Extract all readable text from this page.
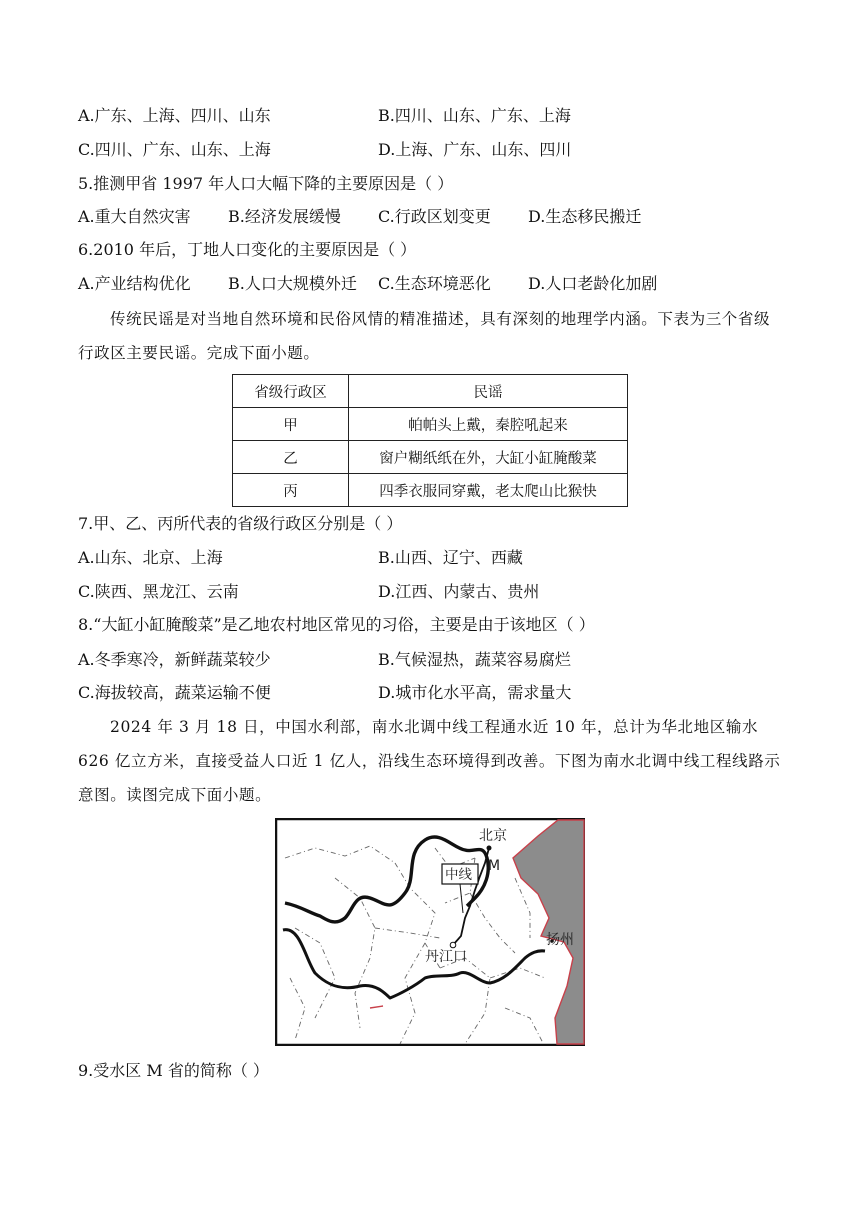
A.广东、上海、四川、山东	B.四川、山东、广东、上海
C.四川、广东、山东、上海	D.上海、广东、山东、四川
5.推测甲省 1997 年人口大幅下降的主要原因是（ ）
A.重大自然灾害 B.经济发展缓慢 C.行政区划变更 D.生态移民搬迁
6.2010 年后，丁地人口变化的主要原因是（ ）
A.产业结构优化 B.人口大规模外迁 C.生态环境恶化 D.人口老龄化加剧
传统民谣是对当地自然环境和民俗风情的精准描述，具有深刻的地理学内涵。下表为三个省级行政区主要民谣。完成下面小题。
省级行政区	民谣
甲	帕帕头上戴，秦腔吼起来
乙	窗户糊纸纸在外，大缸小缸腌酸菜
丙	四季衣服同穿戴，老太爬山比猴快
7.甲、乙、丙所代表的省级行政区分别是（ ）
A.山东、北京、上海	B.山西、辽宁、西藏
C.陕西、黑龙江、云南	D.江西、内蒙古、贵州
8.“大缸小缸腌酸菜”是乙地农村地区常见的习俗，主要是由于该地区（ ）
A.冬季寒冷，新鲜蔬菜较少	B.气候湿热，蔬菜容易腐烂
C.海拔较高，蔬菜运输不便	D.城市化水平高，需求量大
2024 年 3 月 18 日，中国水利部，南水北调中线工程通水近 10 年，总计为华北地区输水 626 亿立方米，直接受益人口近 1 亿人，沿线生态环境得到改善。下图为南水北调中线工程线路示意图。读图完成下面小题。
北京
M
中线
扬州
丹江口
9.受水区 M 省的简称（ ）
